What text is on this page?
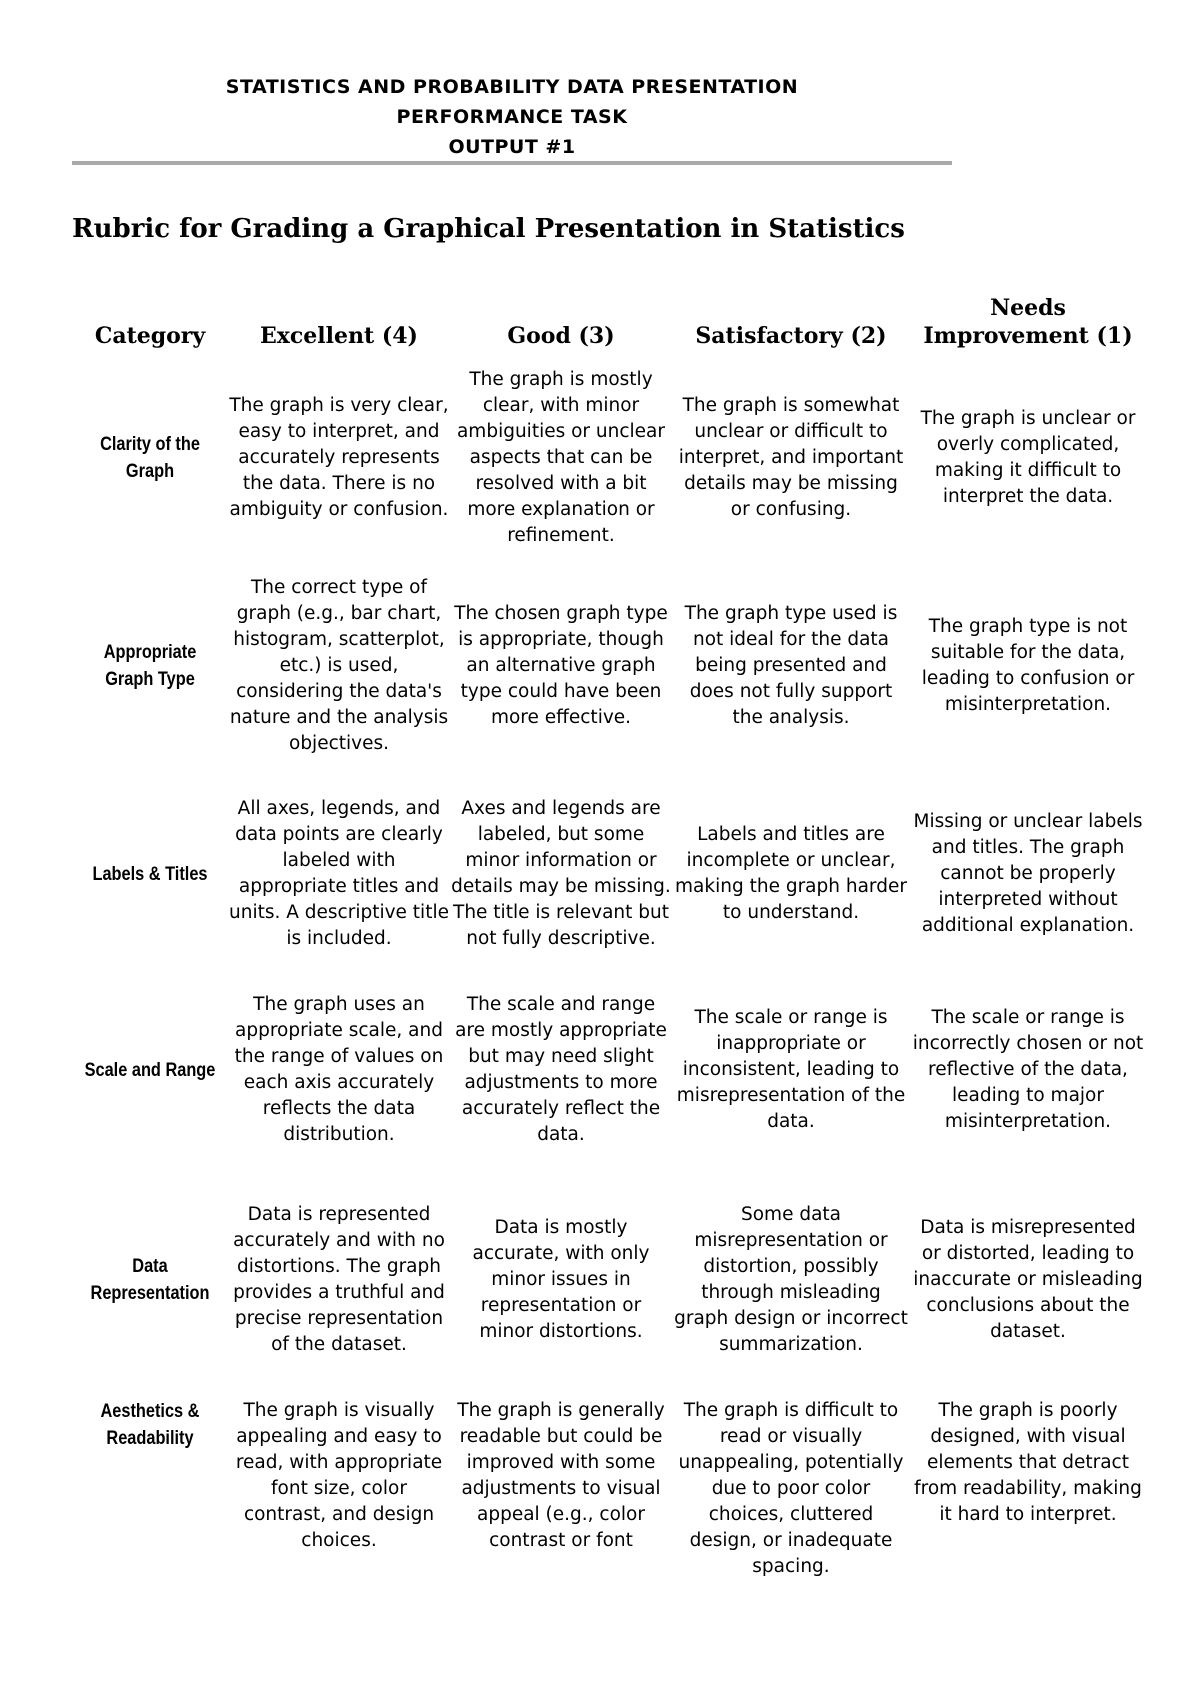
STATISTICS AND PROBABILITY DATA PRESENTATION
PERFORMANCE TASK
OUTPUT #1
Rubric for Grading a Graphical Presentation in Statistics
Category	Excellent (4)	Good (3)	Satisfactory (2)	Needs Improvement (1)
Clarity of the Graph	The graph is very clear, easy to interpret, and accurately represents the data. There is no ambiguity or confusion.	The graph is mostly clear, with minor ambiguities or unclear aspects that can be resolved with a bit more explanation or refinement.	The graph is somewhat unclear or difficult to interpret, and important details may be missing or confusing.	The graph is unclear or overly complicated, making it difficult to interpret the data.
Appropriate Graph Type	The correct type of graph (e.g., bar chart, histogram, scatterplot, etc.) is used, considering the data's nature and the analysis objectives.	The chosen graph type is appropriate, though an alternative graph type could have been more effective.	The graph type used is not ideal for the data being presented and does not fully support the analysis.	The graph type is not suitable for the data, leading to confusion or misinterpretation.
Labels & Titles	All axes, legends, and data points are clearly labeled with appropriate titles and units. A descriptive title is included.	Axes and legends are labeled, but some minor information or details may be missing. The title is relevant but not fully descriptive.	Labels and titles are incomplete or unclear, making the graph harder to understand.	Missing or unclear labels and titles. The graph cannot be properly interpreted without additional explanation.
Scale and Range	The graph uses an appropriate scale, and the range of values on each axis accurately reflects the data distribution.	The scale and range are mostly appropriate but may need slight adjustments to more accurately reflect the data.	The scale or range is inappropriate or inconsistent, leading to misrepresentation of the data.	The scale or range is incorrectly chosen or not reflective of the data, leading to major misinterpretation.
Data Representation	Data is represented accurately and with no distortions. The graph provides a truthful and precise representation of the dataset.	Data is mostly accurate, with only minor issues in representation or minor distortions.	Some data misrepresentation or distortion, possibly through misleading graph design or incorrect summarization.	Data is misrepresented or distorted, leading to inaccurate or misleading conclusions about the dataset.
Aesthetics & Readability	The graph is visually appealing and easy to read, with appropriate font size, color contrast, and design choices.	The graph is generally readable but could be improved with some adjustments to visual appeal (e.g., color contrast or font	The graph is difficult to read or visually unappealing, potentially due to poor color choices, cluttered design, or inadequate spacing.	The graph is poorly designed, with visual elements that detract from readability, making it hard to interpret.
